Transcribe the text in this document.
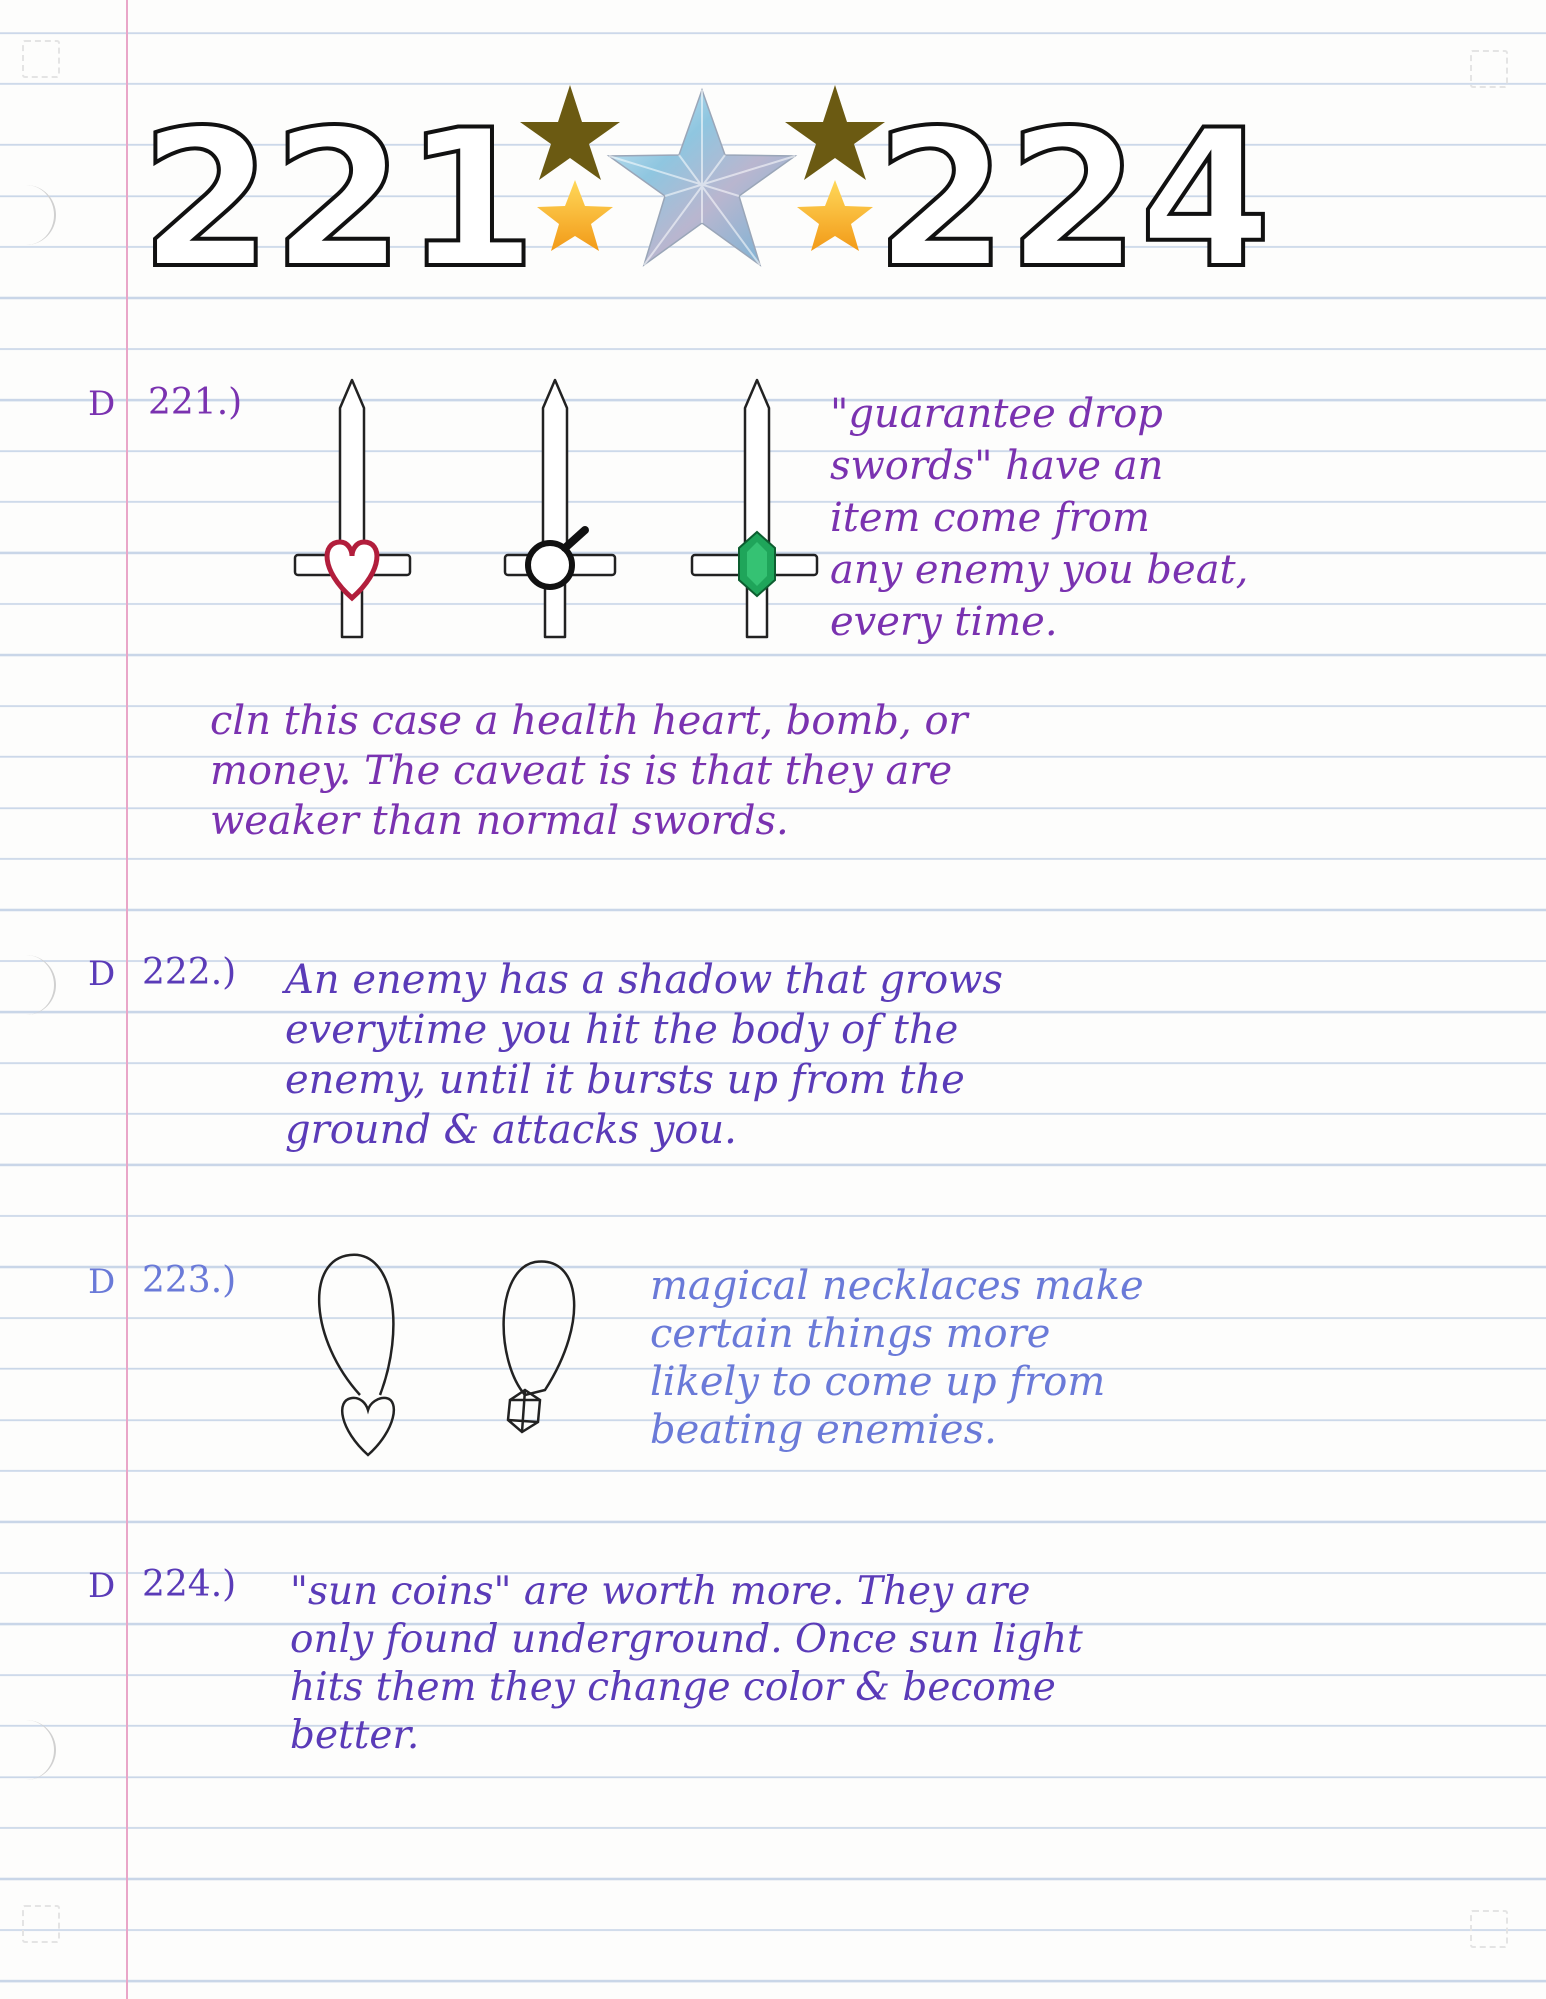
221 224
D 221.)	"guarantee drop
swords" have an
item come from
any enemy you beat,
every time.

cln this case a health heart, bomb, or
money. The caveat is is that they are
weaker than normal swords.

D 222.) An enemy has a shadow that grows
everytime you hit the body of the
enemy, until it bursts up from the
ground & attacks you.

D 223.)	magical necklaces make
certain things more
likely to come up from
beating enemies.

D 224.) "sun coins" are worth more. They are
only found underground. Once sun light
hits them they change color & become
better.
